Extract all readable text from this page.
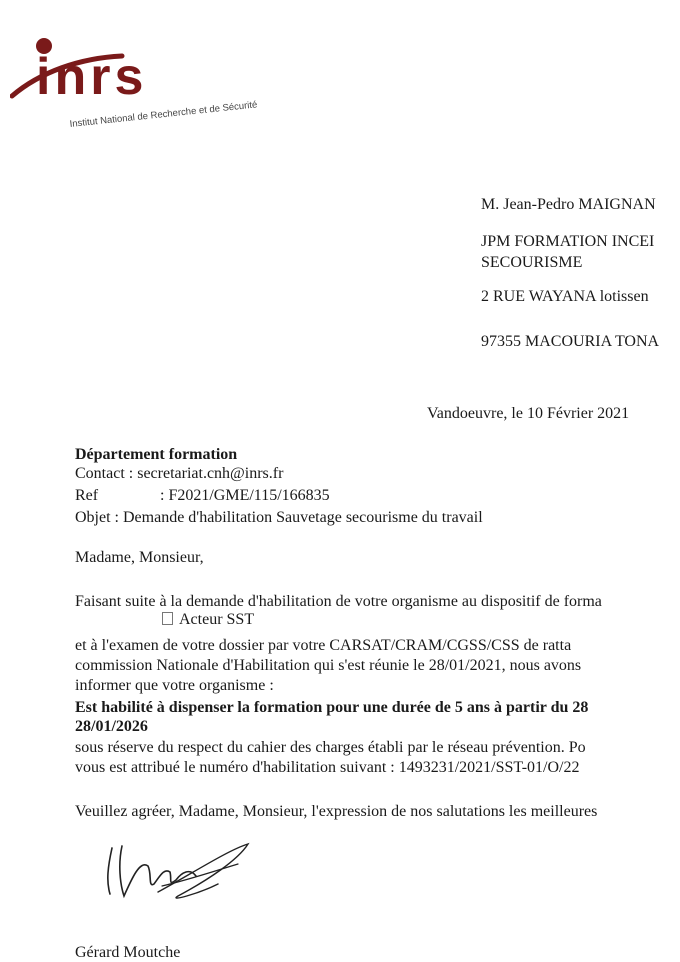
inrs
Institut National de Recherche et de Sécurité
M. Jean-Pedro MAIGNAN
JPM FORMATION INCEI
SECOURISME
2 RUE WAYANA lotissen
97355 MACOURIA TONA
Vandoeuvre, le 10 Février 2021
Département formation
Contact : secretariat.cnh@inrs.fr
Ref	: F2021/GME/115/166835
Objet : Demande d'habilitation Sauvetage secourisme du travail
Madame, Monsieur,
Faisant suite à la demande d'habilitation de votre organisme au dispositif de forma
Acteur SST
et à l'examen de votre dossier par votre CARSAT/CRAM/CGSS/CSS de ratta
commission Nationale d'Habilitation qui s'est réunie le 28/01/2021, nous avons
informer que votre organisme :
Est habilité à dispenser la formation pour une durée de 5 ans à partir du 28
28/01/2026
sous réserve du respect du cahier des charges établi par le réseau prévention. Po
vous est attribué le numéro d'habilitation suivant : 1493231/2021/SST-01/O/22
Veuillez agréer, Madame, Monsieur, l'expression de nos salutations les meilleures
Gérard Moutche
